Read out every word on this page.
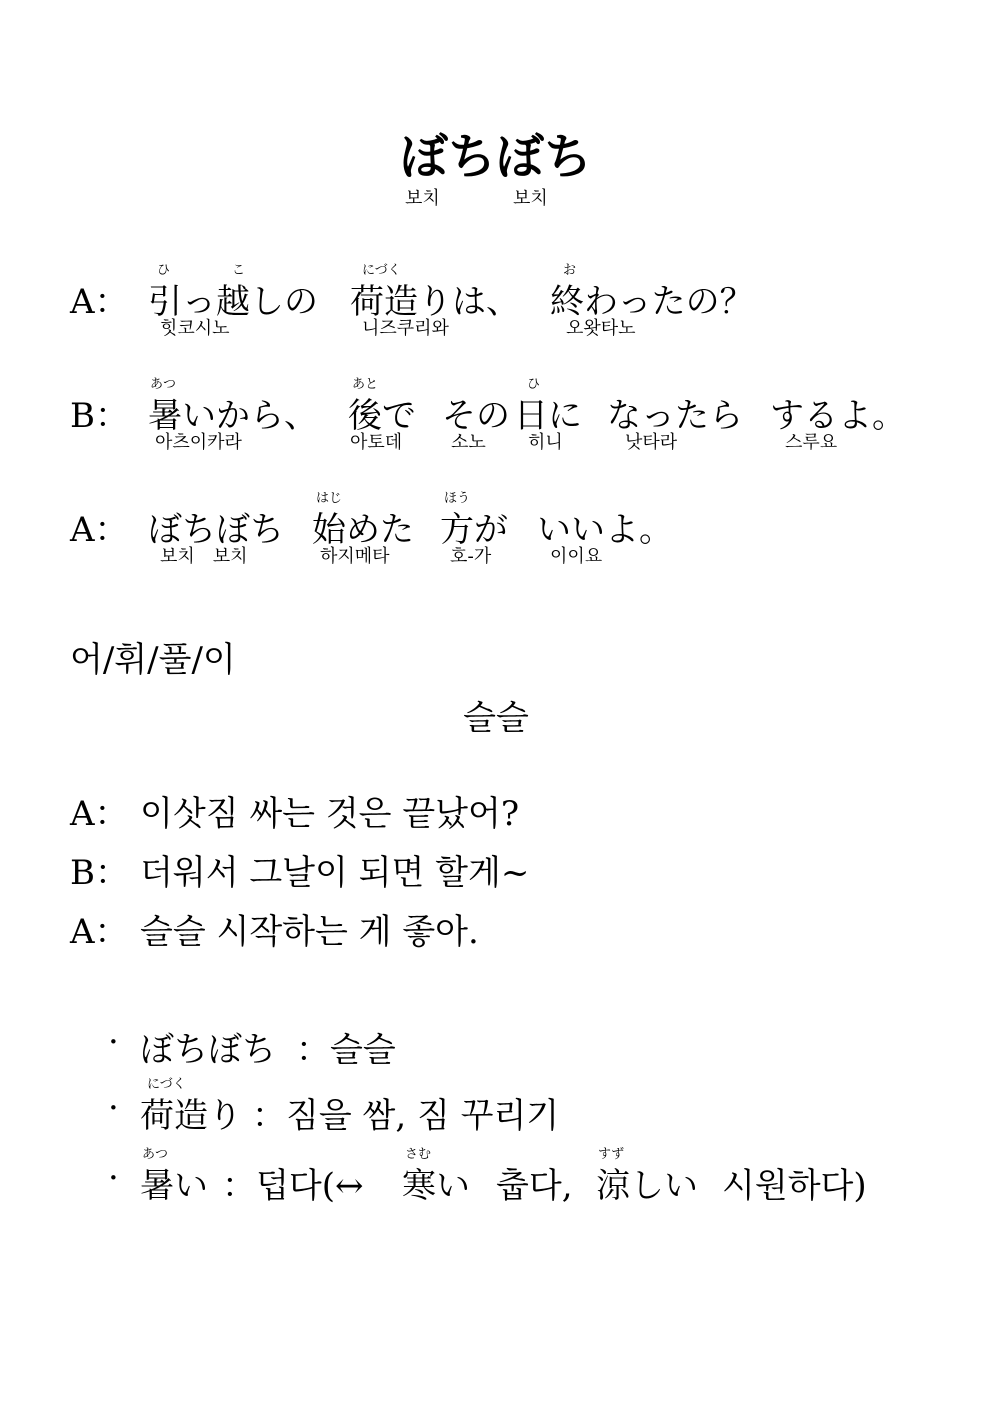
ぼちぼち
보치	보치
A：
ひ	こ
引っ越しの
힛코시노
にづく
荷造りは、
니즈쿠리와
お
終わったの？
오왓타노
B：
あつ
暑いから、
아츠이카라
あと
後で
아토데
その
소노
ひ
日に
히니
なったら
낫타라
するよ。
스루요
A： ぼちぼち
보치　보치
はじ
始めた
하지메타
ほう
方が
호-가
いいよ。
이이요
어/휘/풀/이
슬슬
A： 이삿짐 싸는 것은 끝났어?
B： 더워서 그날이 되면 할게~
A： 슬슬 시작하는 게 좋아.
· ぼちぼち ：슬슬
·
にづく
荷造り ：짐을 쌈, 짐 꾸리기
·
あつ
暑い ：덥다(↔
さむ
寒い 춥다,
すず
涼しい 시원하다)
